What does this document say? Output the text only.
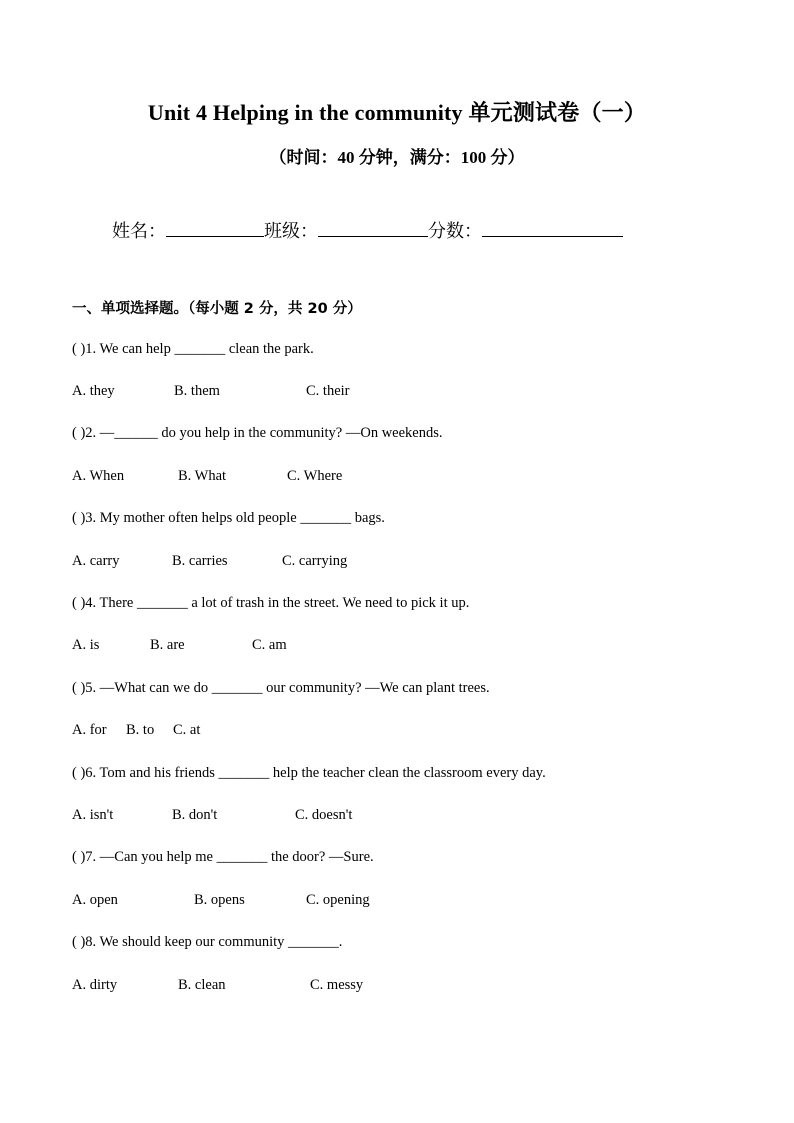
Unit 4 Helping in the community 单元测试卷（一）
（时间：40 分钟，满分：100 分）
姓名：	班级：	分数：
一、单项选择题。（每小题 2 分，共 20 分）
( )1. We can help _______ clean the park.
A. they	B. them	C. their
( )2. —______ do you help in the community? —On weekends.
A. When	B. What	C. Where
( )3. My mother often helps old people _______ bags.
A. carry	B. carries	C. carrying
( )4. There _______ a lot of trash in the street. We need to pick it up.
A. is	B. are	C. am
( )5. —What can we do _______ our community? —We can plant trees.
A. for B. to C. at
( )6. Tom and his friends _______ help the teacher clean the classroom every day.
A. isn't	B. don't	C. doesn't
( )7. —Can you help me _______ the door? —Sure.
A. open	B. opens	C. opening
( )8. We should keep our community _______.
A. dirty	B. clean	C. messy
